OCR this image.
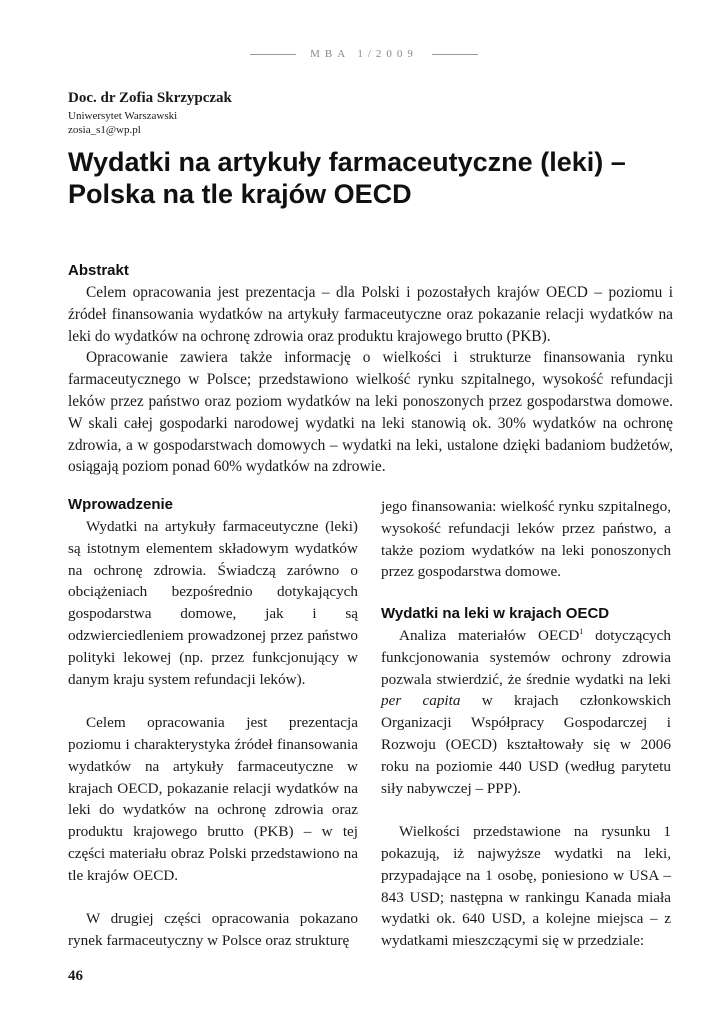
MBA 1/2009
Doc. dr Zofia Skrzypczak
Uniwersytet Warszawski
zosia_s1@wp.pl
Wydatki na artykuły farmaceutyczne (leki) – Polska na tle krajów OECD
Abstrakt

Celem opracowania jest prezentacja – dla Polski i pozostałych krajów OECD – poziomu i źródeł finansowania wydatków na artykuły farmaceutyczne oraz pokazanie relacji wydatków na leki do wydatków na ochronę zdrowia oraz produktu krajowego brutto (PKB).

Opracowanie zawiera także informację o wielkości i strukturze finansowania rynku farmaceutycznego w Polsce; przedstawiono wielkość rynku szpitalnego, wysokość refundacji leków przez państwo oraz poziom wydatków na leki ponoszonych przez gospodarstwa domowe. W skali całej gospodarki narodowej wydatki na leki stanowią ok. 30% wydatków na ochronę zdrowia, a w gospodarstwach domowych – wydatki na leki, ustalone dzięki badaniom budżetów, osiągają poziom ponad 60% wydatków na zdrowie.

Wprowadzenie

Wydatki na artykuły farmaceutyczne (leki) są istotnym elementem składowym wydatków na ochronę zdrowia. Świadczą zarówno o obciążeniach bezpośrednio dotykających gospodarstwa domowe, jak i są odzwierciedleniem prowadzonej przez państwo polityki lekowej (np. przez funkcjonujący w danym kraju system refundacji leków).

Celem opracowania jest prezentacja poziomu i charakterystyka źródeł finansowania wydatków na artykuły farmaceutyczne w krajach OECD, pokazanie relacji wydatków na leki do wydatków na ochronę zdrowia oraz produktu krajowego brutto (PKB) – w tej części materiału obraz Polski przedstawiono na tle krajów OECD.

W drugiej części opracowania pokazano rynek farmaceutyczny w Polsce oraz strukturę

jego finansowania: wielkość rynku szpitalnego, wysokość refundacji leków przez państwo, a także poziom wydatków na leki ponoszonych przez gospodarstwa domowe.

Wydatki na leki w krajach OECD

Analiza materiałów OECD$^1$ dotyczących funkcjonowania systemów ochrony zdrowia pozwala stwierdzić, że średnie wydatki na leki per capita w krajach członkowskich Organizacji Współpracy Gospodarczej i Rozwoju (OECD) kształtowały się w 2006 roku na poziomie 440 USD (według parytetu siły nabywczej – PPP).

Wielkości przedstawione na rysunku 1 pokazują, iż najwyższe wydatki na leki, przypadające na 1 osobę, poniesiono w USA – 843 USD; następna w rankingu Kanada miała wydatki ok. 640 USD, a kolejne miejsca – z wydatkami mieszczącymi się w przedziale:

46
